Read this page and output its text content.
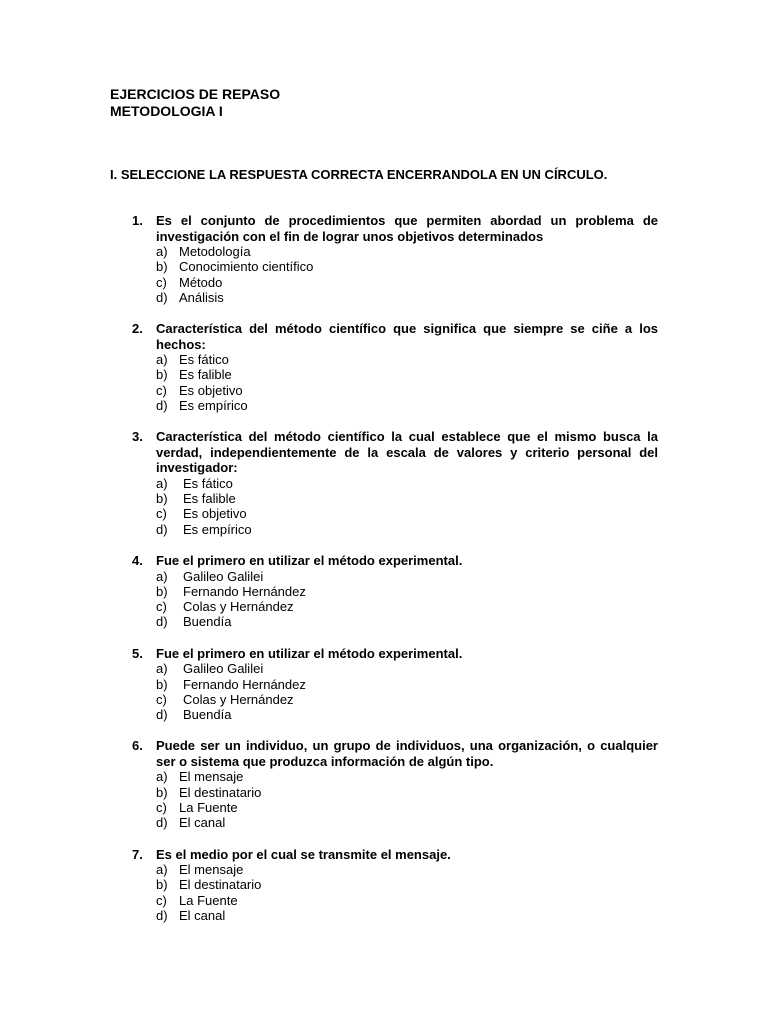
EJERCICIOS DE REPASO
METODOLOGIA I
I. SELECCIONE LA RESPUESTA CORRECTA ENCERRANDOLA EN UN CÍRCULO.
1. Es el conjunto de procedimientos que permiten abordad un problema de investigación con el fin de lograr unos objetivos determinados
a) Metodología
b) Conocimiento científico
c) Método
d) Análisis
2. Característica del método científico que significa que siempre se ciñe a los hechos:
a) Es fático
b) Es falible
c) Es objetivo
d) Es empírico
3. Característica del método científico la cual establece que el mismo busca la verdad, independientemente de la escala de valores y criterio personal del investigador:
a)	Es fático
b)	Es falible
c)	Es objetivo
d)	Es empírico
4. Fue el primero en utilizar el método experimental.
a)	Galileo Galilei
b)	Fernando Hernández
c)	Colas y Hernández
d)	Buendía
5. Fue el primero en utilizar el método experimental.
a)	Galileo Galilei
b)	Fernando Hernández
c)	Colas y Hernández
d)	Buendía
6. Puede ser un individuo, un grupo de individuos, una organización, o cualquier ser o sistema que produzca información de algún tipo.
a) El mensaje
b) El destinatario
c) La Fuente
d) El canal
7. Es el medio por el cual se transmite el mensaje.
a) El mensaje
b) El destinatario
c) La Fuente
d) El canal
